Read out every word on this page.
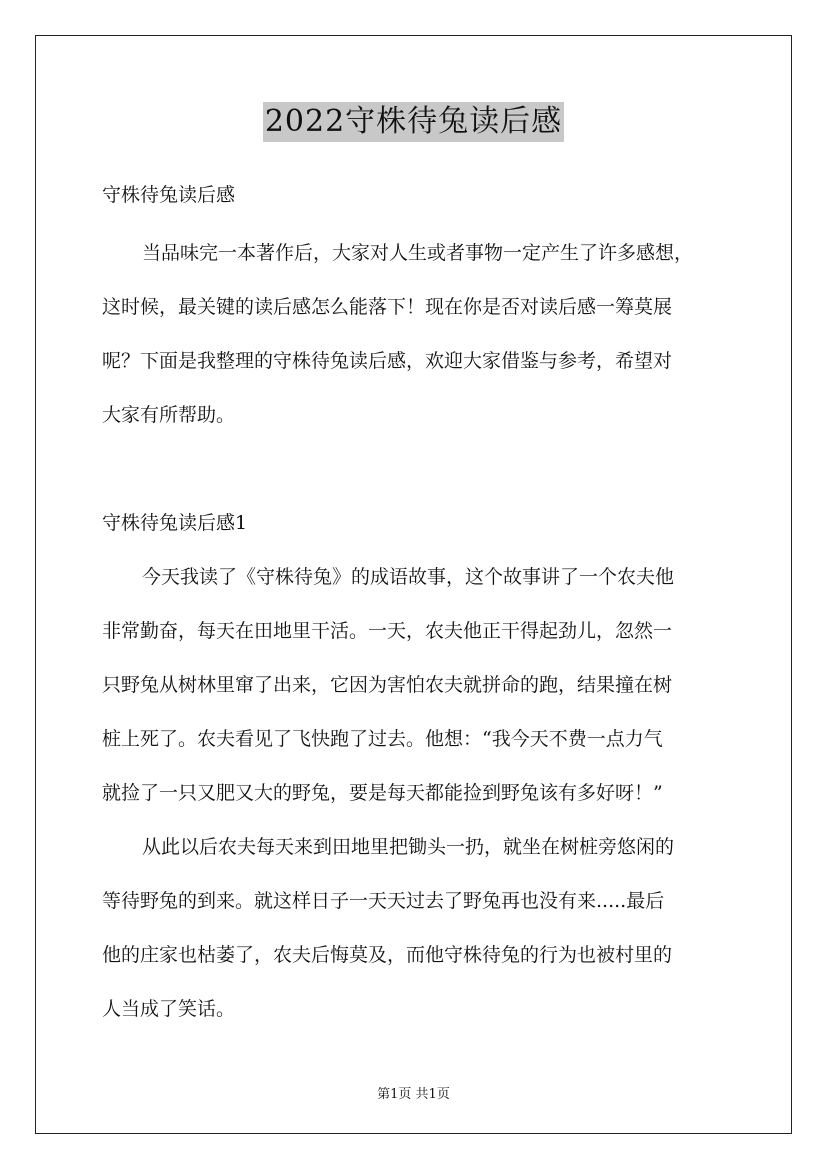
2022守株待兔读后感
守株待兔读后感
当品味完一本著作后，大家对人生或者事物一定产生了许多感想，
这时候，最关键的读后感怎么能落下！现在你是否对读后感一筹莫展
呢？下面是我整理的守株待兔读后感，欢迎大家借鉴与参考，希望对
大家有所帮助。
守株待兔读后感1
今天我读了《守株待兔》的成语故事，这个故事讲了一个农夫他
非常勤奋，每天在田地里干活。一天，农夫他正干得起劲儿，忽然一
只野兔从树林里窜了出来，它因为害怕农夫就拼命的跑，结果撞在树
桩上死了。农夫看见了飞快跑了过去。他想：“我今天不费一点力气
就捡了一只又肥又大的野兔，要是每天都能捡到野兔该有多好呀！”
从此以后农夫每天来到田地里把锄头一扔，就坐在树桩旁悠闲的
等待野兔的到来。就这样日子一天天过去了野兔再也没有来.....最后
他的庄家也枯萎了，农夫后悔莫及，而他守株待兔的行为也被村里的
人当成了笑话。
第1页 共1页
